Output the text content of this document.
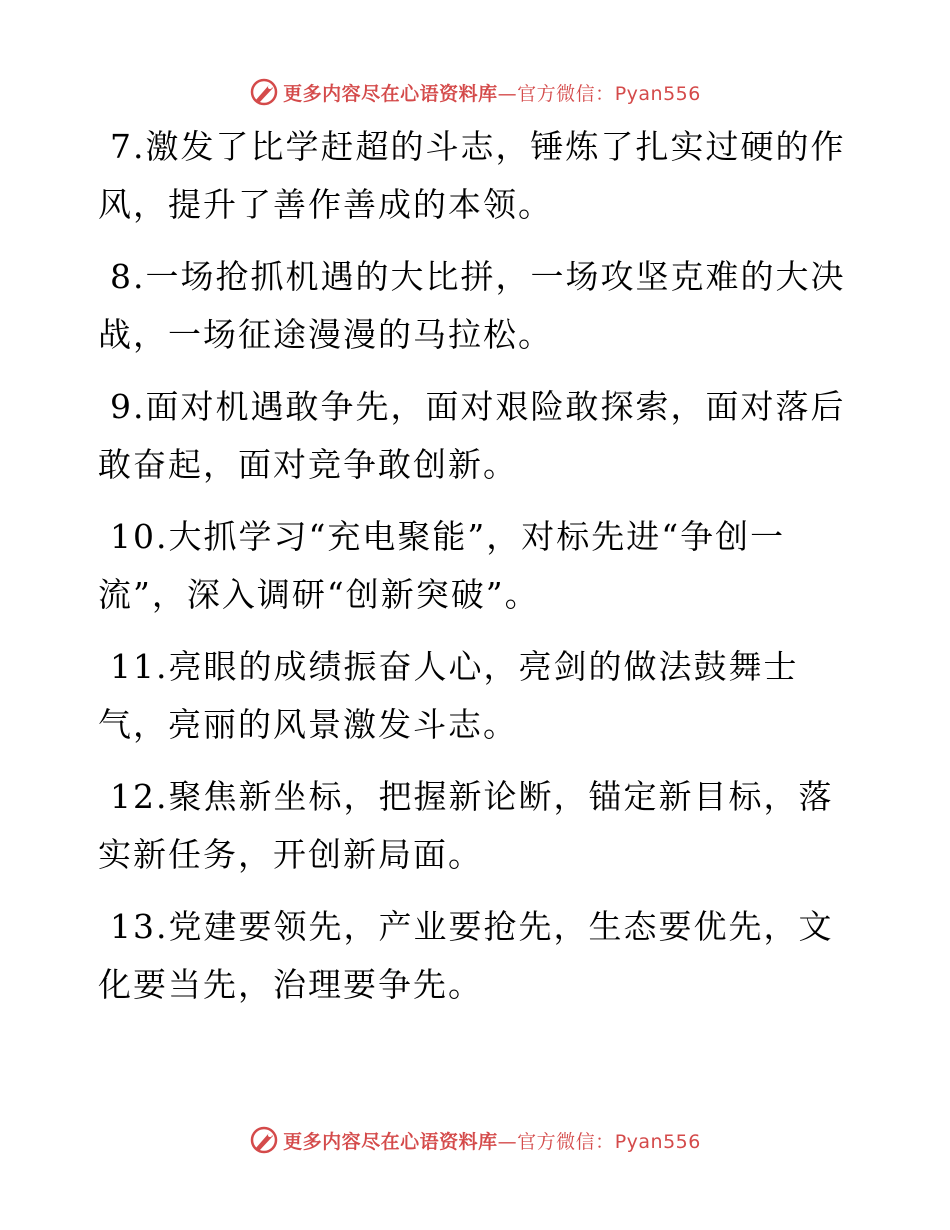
更多内容尽在心语资料库—官方微信：Pyan556

7.激发了比学赶超的斗志，锤炼了扎实过硬的作风，提升了善作善成的本领。

8.一场抢抓机遇的大比拼，一场攻坚克难的大决战，一场征途漫漫的马拉松。

9.面对机遇敢争先，面对艰险敢探索，面对落后敢奋起，面对竞争敢创新。

10.大抓学习“充电聚能”，对标先进“争创一流”，深入调研“创新突破”。

11.亮眼的成绩振奋人心，亮剑的做法鼓舞士气，亮丽的风景激发斗志。

12.聚焦新坐标，把握新论断，锚定新目标，落实新任务，开创新局面。

13.党建要领先，产业要抢先，生态要优先，文化要当先，治理要争先。

更多内容尽在心语资料库—官方微信：Pyan556
